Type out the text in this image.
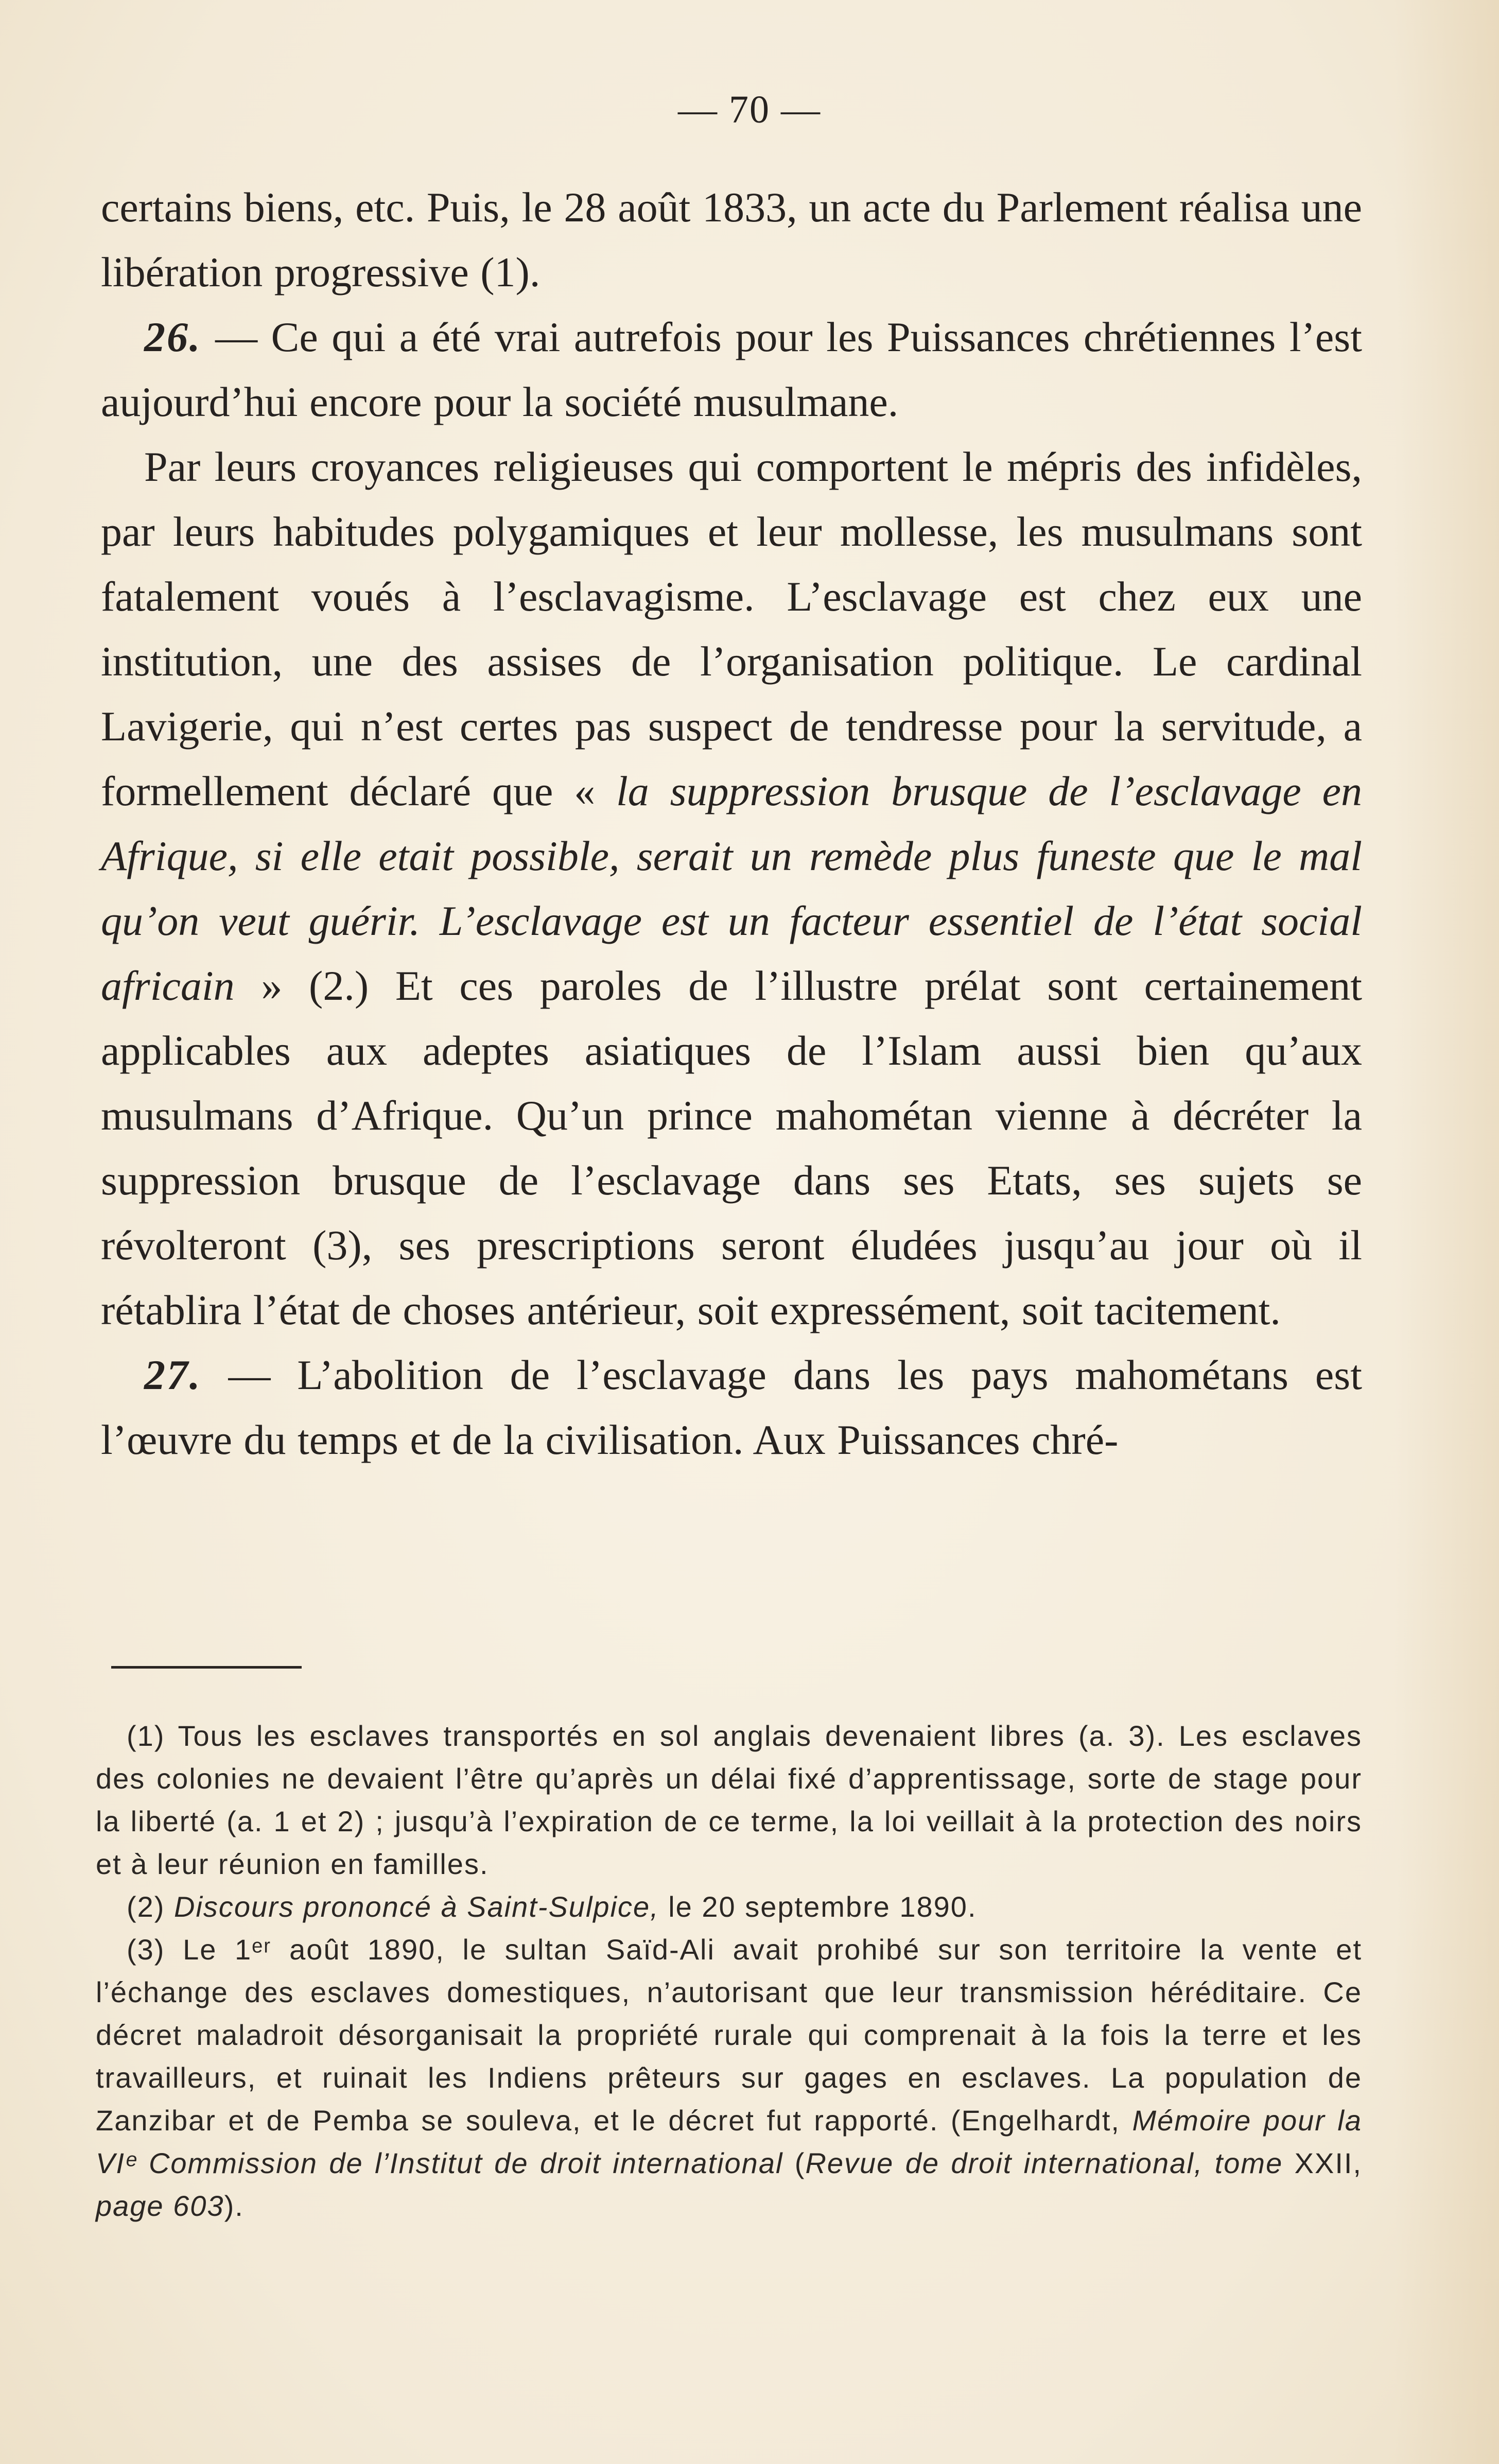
— 70 —

certains biens, etc. Puis, le 28 août 1833, un acte du Parlement réalisa une libération progressive (1).

26. — Ce qui a été vrai autrefois pour les Puissances chrétiennes l’est aujourd’hui encore pour la société musulmane.

Par leurs croyances religieuses qui comportent le mépris des infidèles, par leurs habitudes polygamiques et leur mollesse, les musulmans sont fatalement voués à l’esclavagisme. L’esclavage est chez eux une institution, une des assises de l’organisation politique. Le cardinal Lavigerie, qui n’est certes pas suspect de tendresse pour la servitude, a formellement déclaré que « la suppression brusque de l’esclavage en Afrique, si elle etait possible, serait un remède plus funeste que le mal qu’on veut guérir. L’esclavage est un facteur essentiel de l’état social africain » (2.) Et ces paroles de l’illustre prélat sont certainement applicables aux adeptes asiatiques de l’Islam aussi bien qu’aux musulmans d’Afrique. Qu’un prince mahométan vienne à décréter la suppression brusque de l’esclavage dans ses Etats, ses sujets se révolteront (3), ses prescriptions seront éludées jusqu’au jour où il rétablira l’état de choses antérieur, soit expressément, soit tacitement.

27. — L’abolition de l’esclavage dans les pays mahométans est l’œuvre du temps et de la civilisation. Aux Puissances chré-

(1) Tous les esclaves transportés en sol anglais devenaient libres (a. 3). Les esclaves des colonies ne devaient l’être qu’après un délai fixé d’apprentissage, sorte de stage pour la liberté (a. 1 et 2) ; jusqu’à l’expiration de ce terme, la loi veillait à la protection des noirs et à leur réunion en familles.

(2) Discours prononcé à Saint-Sulpice, le 20 septembre 1890.

(3) Le 1ᵉʳ août 1890, le sultan Saïd-Ali avait prohibé sur son territoire la vente et l’échange des esclaves domestiques, n’autorisant que leur transmission héréditaire. Ce décret maladroit désorganisait la propriété rurale qui comprenait à la fois la terre et les travailleurs, et ruinait les Indiens prêteurs sur gages en esclaves. La population de Zanzibar et de Pemba se souleva, et le décret fut rapporté. (Engelhardt, Mémoire pour la VIᵉ Commission de l’Institut de droit international (Revue de droit international, tome XXII, page 603).
